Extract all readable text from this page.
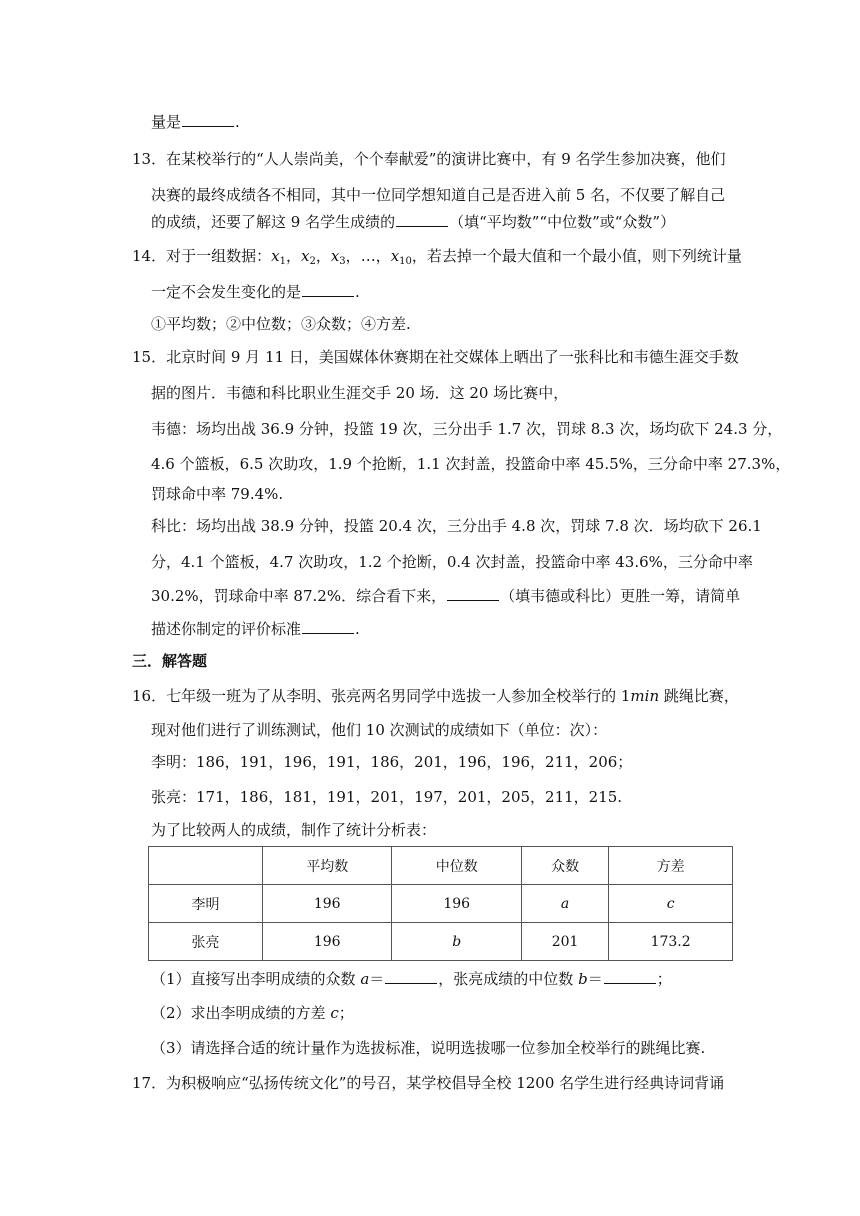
量是	.
13．在某校举行的“人人崇尚美，个个奉献爱”的演讲比赛中，有 9 名学生参加决赛，他们
决赛的最终成绩各不相同，其中一位同学想知道自己是否进入前 5 名，不仅要了解自己
的成绩，还要了解这 9 名学生成绩的	（填“平均数”“中位数”或“众数”）
14．对于一组数据：$x_1$，$x_2$，$x_3$，…，$x_{10}$，若去掉一个最大值和一个最小值，则下列统计量
一定不会发生变化的是	.
①平均数；②中位数；③众数；④方差.
15．北京时间 9 月 11 日，美国媒体休赛期在社交媒体上晒出了一张科比和韦德生涯交手数
据的图片．韦德和科比职业生涯交手 20 场．这 20 场比赛中，
韦德：场均出战 36.9 分钟，投篮 19 次，三分出手 1.7 次，罚球 8.3 次，场均砍下 24.3 分，
4.6 个篮板，6.5 次助攻，1.9 个抢断，1.1 次封盖，投篮命中率 45.5%，三分命中率 27.3%，
罚球命中率 79.4%.
科比：场均出战 38.9 分钟，投篮 20.4 次，三分出手 4.8 次，罚球 7.8 次．场均砍下 26.1
分，4.1 个篮板，4.7 次助攻，1.2 个抢断，0.4 次封盖，投篮命中率 43.6%，三分命中率
30.2%，罚球命中率 87.2%．综合看下来，	（填韦德或科比）更胜一筹，请简单
描述你制定的评价标准	.
三．解答题
16．七年级一班为了从李明、张亮两名男同学中选拔一人参加全校举行的 1min 跳绳比赛，
现对他们进行了训练测试，他们 10 次测试的成绩如下（单位：次）：
李明：186，191，196，191，186，201，196，196，211，206；
张亮：171，186，181，191，201，197，201，205，211，215.
为了比较两人的成绩，制作了统计分析表：
	平均数	中位数	众数	方差
李明	196	196	a	c
张亮	196	b	201	173.2
（1）直接写出李明成绩的众数 a＝	，张亮成绩的中位数 b＝	；
（2）求出李明成绩的方差 c；
（3）请选择合适的统计量作为选拔标准，说明选拔哪一位参加全校举行的跳绳比赛.
17．为积极响应“弘扬传统文化”的号召，某学校倡导全校 1200 名学生进行经典诗词背诵
